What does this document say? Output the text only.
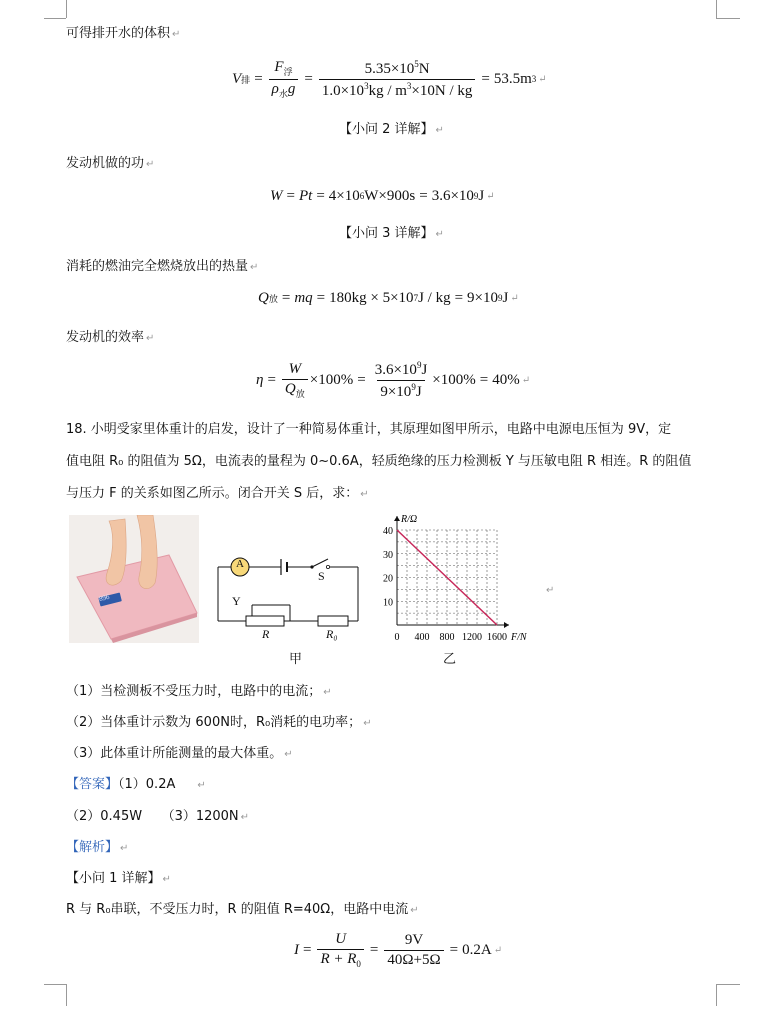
可得排开水的体积 ↵
V 排 = $\frac{F_浮}{\rho_水g} = \frac{5.35\times 10^5N}{1.0\times 10^3kg / m^3\times 10N / kg} = 53.5m$ 3 ↵
【小问 2 详解】 ↵
发动机做的功 ↵
W = Pt = 4×10 6 W×900s = 3.6×10 9 J ↵
【小问 3 详解】 ↵
消耗的燃油完全燃烧放出的热量 ↵
Q 放 = mq = 180kg × 5×10 7 J / kg = 9×10 9 J ↵
发动机的效率 ↵
$\eta = \frac{W}{Q_放} \times 100\% = \frac{3.6\times 10^9J}{9\times 10^9J} \times 100\% = 40\%$ ↵
18. 小明受家里体重计的启发，设计了一种简易体重计，其原理如图甲所示，电路中电源电压恒为 9V，定
值电阻 R₀ 的阻值为 5Ω，电流表的量程为 0~0.6A，轻质绝缘的压力检测板 Y 与压敏电阻 R 相连。R 的阻值
与压力 F 的关系如图乙所示。闭合开关 S 后，求： ↵
896
A
S
Y
R	R₀
甲
0 400 800 1200 1600
10
20
30
40
F/N
R/Ω
乙
↵
（1）当检测板不受压力时，电路中的电流； ↵
（2）当体重计示数为 600N时，R₀消耗的电功率； ↵
（3）此体重计所能测量的最大体重。 ↵
【答案】（1）0.2A ↵
（2）0.45W　　（3）1200N ↵
【解析】 ↵
【小问 1 详解】 ↵
R 与 R₀串联，不受压力时，R 的阻值 R=40Ω，电路中电流 ↵
$I = \frac{U}{R + R_0} = \frac{9V}{40\Omega+5\Omega} = 0.2A$ ↵
